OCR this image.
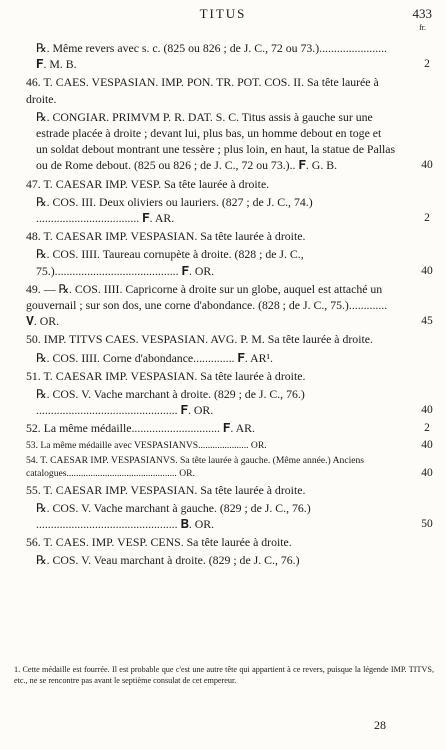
TITUS	433
fr.
℞. Même revers avec s. c. (825 ou 826 ; de J. C., 72 ou 73.)....................... 𝐅. M. B.	2
46. T. CAES. VESPASIAN. IMP. PON. TR. POT. COS. II. Sa tête laurée à droite.
℞. CONGIAR. PRIMVM P. R. DAT. S. C. Titus assis à gauche sur une estrade placée à droite ; devant lui, plus bas, un homme debout en toge et un soldat debout montrant une tessère ; plus loin, en haut, la statue de Pallas ou de Rome debout. (825 ou 826 ; de J. C., 72 ou 73.).. 𝐅. G. B.	40
47. T. CAESAR IMP. VESP. Sa tête laurée à droite.
℞. COS. III. Deux oliviers ou lauriers. (827 ; de J. C., 74.) ................................... 𝐅. AR.	2
48. T. CAESAR IMP. VESPASIAN. Sa tête laurée à droite.
℞. COS. IIII. Taureau cornupète à droite. (828 ; de J. C., 75.).......................................... 𝐅. OR.	40
49. — ℞. COS. IIII. Capricorne à droite sur un globe, auquel est attaché un gouvernail ; sur son dos, une corne d'abondance. (828 ; de J. C., 75.)............. 𝐕. OR.	45
50. IMP. TITVS CAES. VESPASIAN. AVG. P. M. Sa tête laurée à droite.
℞. COS. IIII. Corne d'abondance.............. 𝐅. AR¹.
51. T. CAESAR IMP. VESPASIAN. Sa tête laurée à droite.
℞. COS. V. Vache marchant à droite. (829 ; de J. C., 76.) ................................................ 𝐅. OR.	40
52. La même médaille.............................. 𝐅. AR.	2
53. La même médaille avec VESPASIANVS..................... OR.	40
54. T. CAESAR IMP. VESPASIANVS. Sa tête laurée à gauche. (Même année.) Anciens catalogues.............................................. OR.	40
55. T. CAESAR IMP. VESPASIAN. Sa tête laurée à droite.
℞. COS. V. Vache marchant à gauche. (829 ; de J. C., 76.) ................................................ 𝐁. OR.	50
56. T. CAES. IMP. VESP. CENS. Sa tête laurée à droite.
℞. COS. V. Veau marchant à droite. (829 ; de J. C., 76.)
1. Cette médaille est fourrée. Il est probable que c'est une autre tête qui appartient à ce revers, puisque la légende IMP. TITVS, etc., ne se rencontre pas avant le septième consulat de cet empereur.
28
